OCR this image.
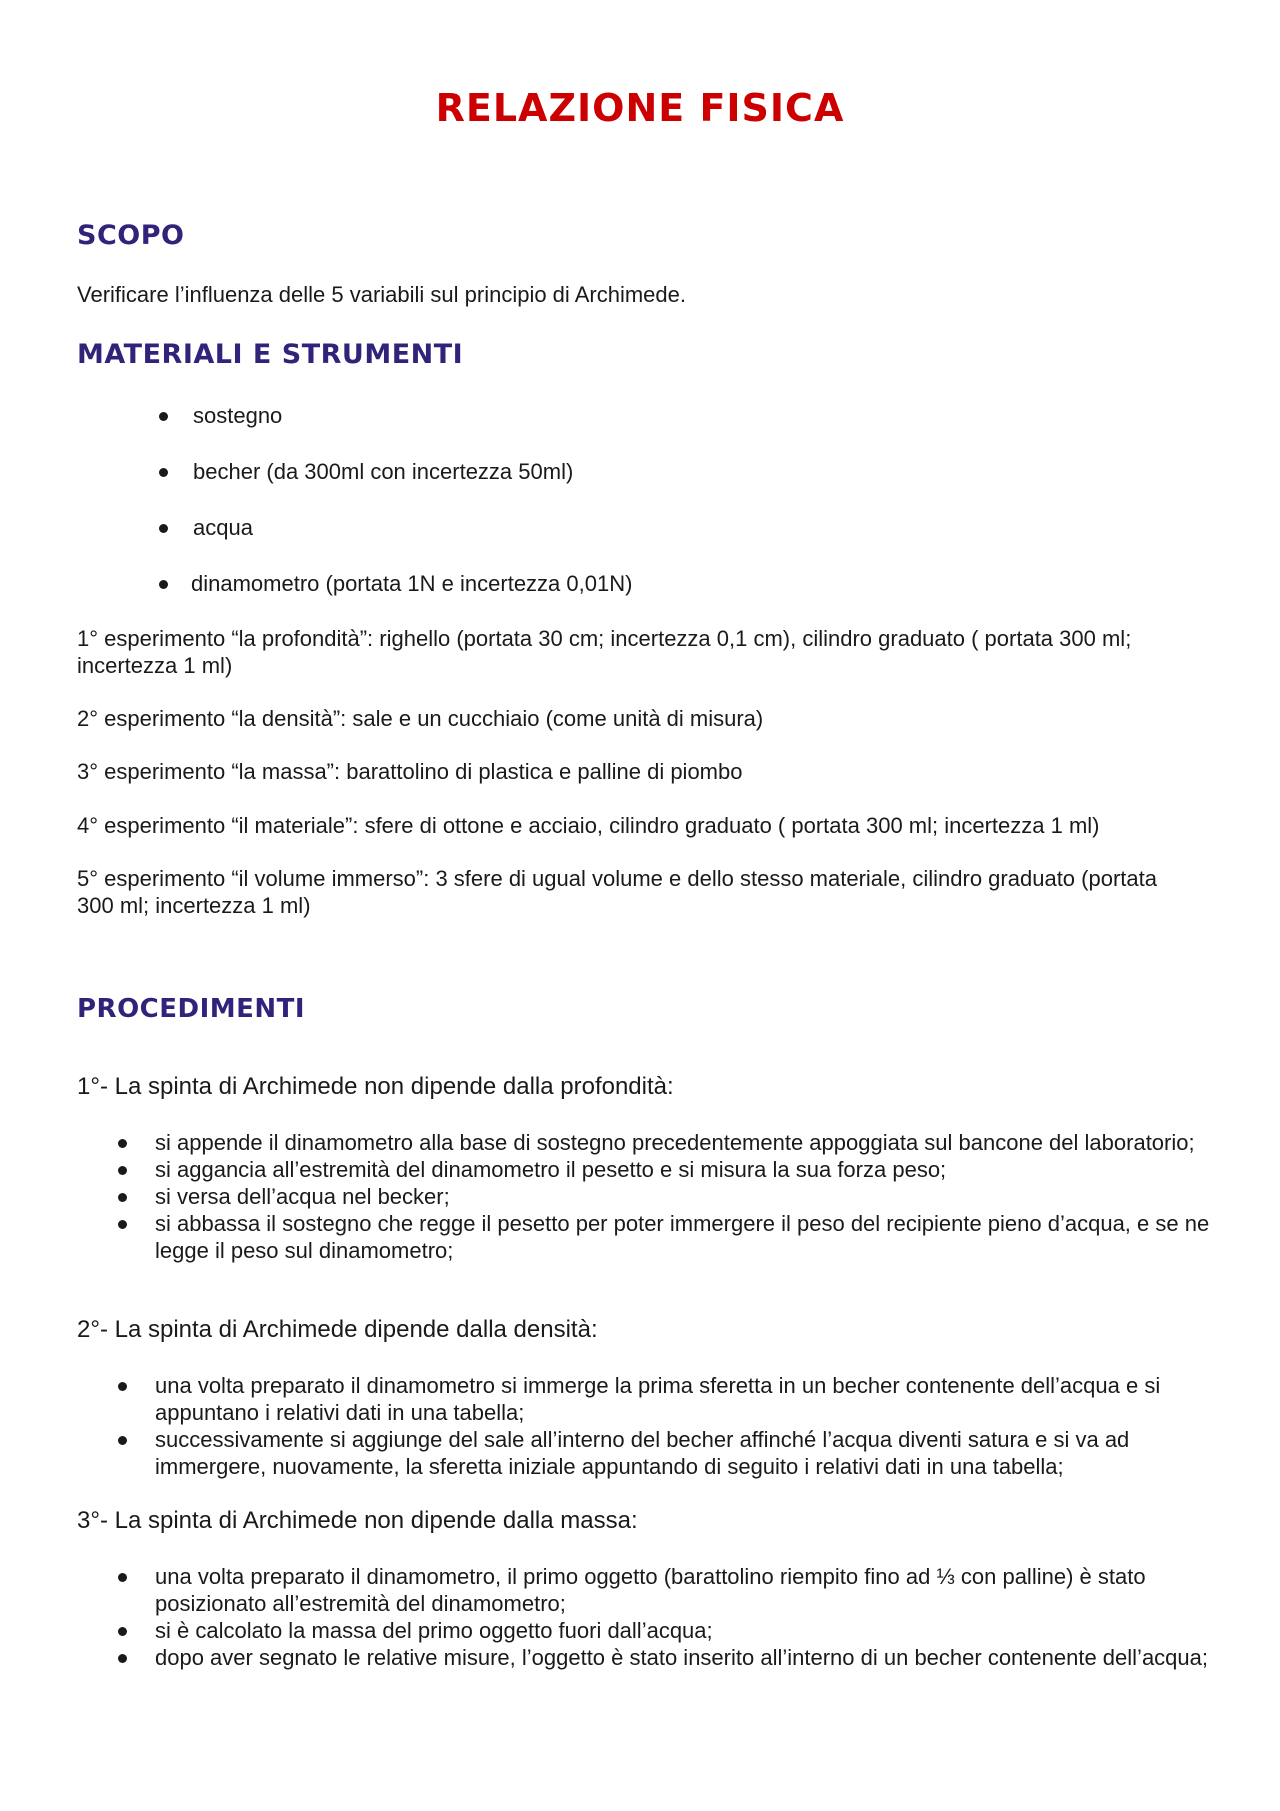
RELAZIONE FISICA
SCOPO

Verificare l’influenza delle 5 variabili sul principio di Archimede.

MATERIALI E STRUMENTI
sostegno
becher (da 300ml con incertezza 50ml)
acqua
dinamometro (portata 1N e incertezza 0,01N)

1° esperimento “la profondità”: righello (portata 30 cm; incertezza 0,1 cm), cilindro graduato ( portata 300 ml; incertezza 1 ml)

2° esperimento “la densità”: sale e un cucchiaio (come unità di misura)

3° esperimento “la massa”: barattolino di plastica e palline di piombo

4° esperimento “il materiale”: sfere di ottone e acciaio, cilindro graduato ( portata 300 ml; incertezza 1 ml)

5° esperimento “il volume immerso”: 3 sfere di ugual volume e dello stesso materiale, cilindro graduato (portata 300 ml; incertezza 1 ml)

PROCEDIMENTI

1°- La spinta di Archimede non dipende dalla profondità:

si appende il dinamometro alla base di sostegno precedentemente appoggiata sul bancone del laboratorio;
si aggancia all’estremità del dinamometro il pesetto e si misura la sua forza peso;
si versa dell’acqua nel becker;
si abbassa il sostegno che regge il pesetto per poter immergere il peso del recipiente pieno d’acqua, e se ne legge il peso sul dinamometro;

2°- La spinta di Archimede dipende dalla densità:

una volta preparato il dinamometro si immerge la prima sferetta in un becher contenente dell’acqua e si appuntano i relativi dati in una tabella;
successivamente si aggiunge del sale all’interno del becher affinché l’acqua diventi satura e si va ad immergere, nuovamente, la sferetta iniziale appuntando di seguito i relativi dati in una tabella;

3°- La spinta di Archimede non dipende dalla massa:

una volta preparato il dinamometro, il primo oggetto (barattolino riempito fino ad ⅓ con palline) è stato posizionato all’estremità del dinamometro;
si è calcolato la massa del primo oggetto fuori dall’acqua;
dopo aver segnato le relative misure, l’oggetto è stato inserito all’interno di un becher contenente dell’acqua;
